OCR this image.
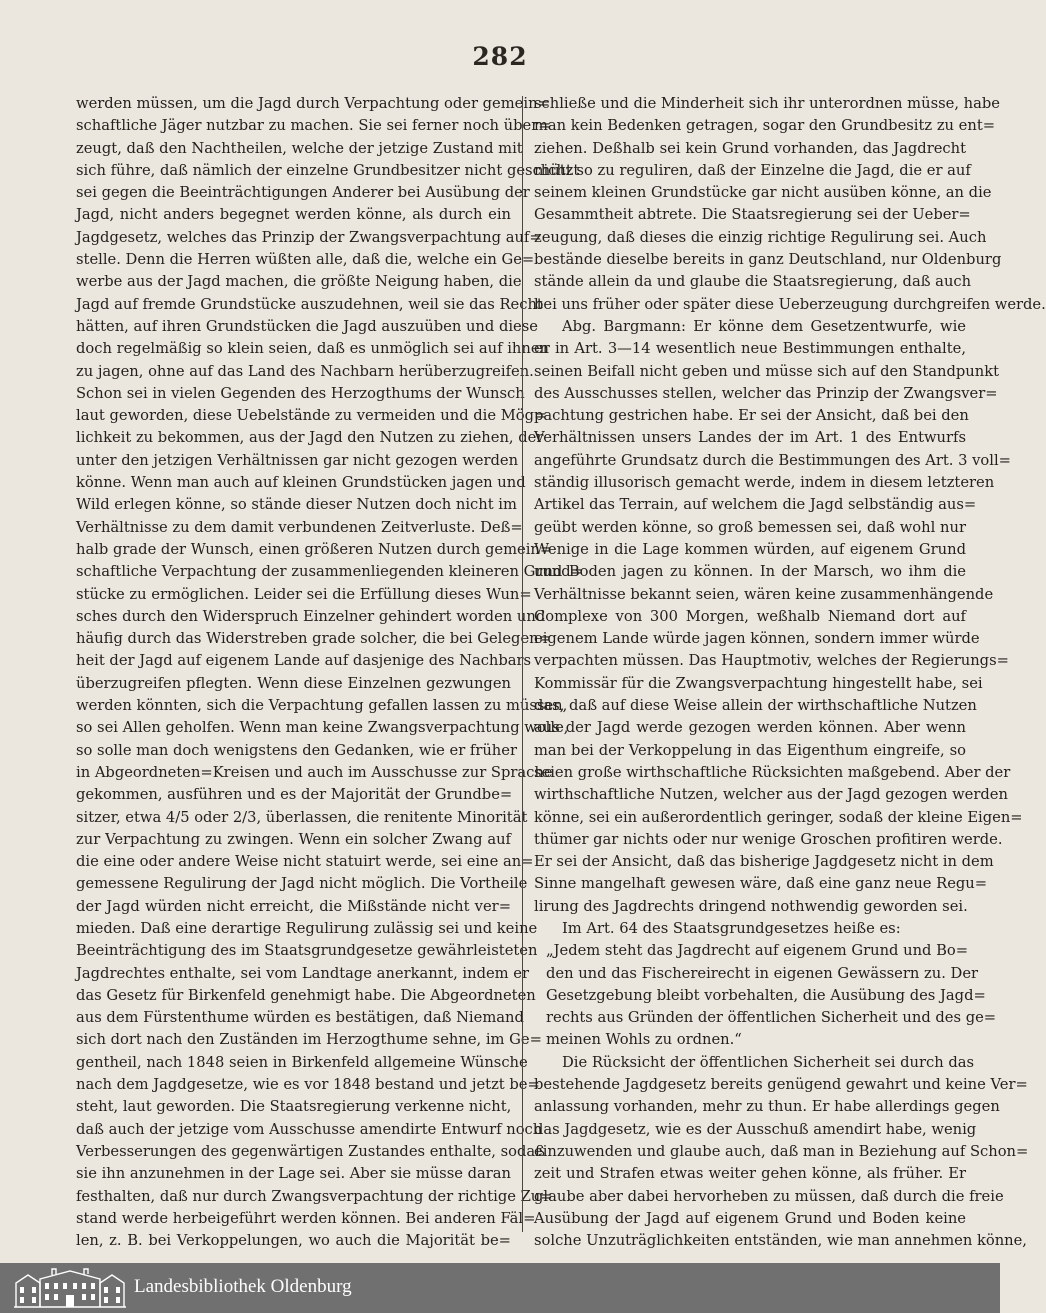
282
werden müssen, um die Jagd durch Verpachtung oder gemein=
schaftliche Jäger nutzbar zu machen. Sie sei ferner noch über=
zeugt, daß den Nachtheilen, welche der jetzige Zustand mit
sich führe, daß nämlich der einzelne Grundbesitzer nicht geschützt
sei gegen die Beeinträchtigungen Anderer bei Ausübung der
Jagd, nicht anders begegnet werden könne, als durch ein
Jagdgesetz, welches das Prinzip der Zwangsverpachtung auf=
stelle. Denn die Herren wüßten alle, daß die, welche ein Ge=
werbe aus der Jagd machen, die größte Neigung haben, die
Jagd auf fremde Grundstücke auszudehnen, weil sie das Recht
hätten, auf ihren Grundstücken die Jagd auszuüben und diese
doch regelmäßig so klein seien, daß es unmöglich sei auf ihnen
zu jagen, ohne auf das Land des Nachbarn herüberzugreifen.
Schon sei in vielen Gegenden des Herzogthums der Wunsch
laut geworden, diese Uebelstände zu vermeiden und die Mög=
lichkeit zu bekommen, aus der Jagd den Nutzen zu ziehen, der
unter den jetzigen Verhältnissen gar nicht gezogen werden
könne. Wenn man auch auf kleinen Grundstücken jagen und
Wild erlegen könne, so stände dieser Nutzen doch nicht im
Verhältnisse zu dem damit verbundenen Zeitverluste. Deß=
halb grade der Wunsch, einen größeren Nutzen durch gemein=
schaftliche Verpachtung der zusammenliegenden kleineren Grund=
stücke zu ermöglichen. Leider sei die Erfüllung dieses Wun=
sches durch den Widerspruch Einzelner gehindert worden und
häufig durch das Widerstreben grade solcher, die bei Gelegen=
heit der Jagd auf eigenem Lande auf dasjenige des Nachbars
überzugreifen pflegten. Wenn diese Einzelnen gezwungen
werden könnten, sich die Verpachtung gefallen lassen zu müssen,
so sei Allen geholfen. Wenn man keine Zwangsverpachtung wolle,
so solle man doch wenigstens den Gedanken, wie er früher
in Abgeordneten=Kreisen und auch im Ausschusse zur Sprache
gekommen, ausführen und es der Majorität der Grundbe=
sitzer, etwa 4/5 oder 2/3, überlassen, die renitente Minorität
zur Verpachtung zu zwingen. Wenn ein solcher Zwang auf
die eine oder andere Weise nicht statuirt werde, sei eine an=
gemessene Regulirung der Jagd nicht möglich. Die Vortheile
der Jagd würden nicht erreicht, die Mißstände nicht ver=
mieden. Daß eine derartige Regulirung zulässig sei und keine
Beeinträchtigung des im Staatsgrundgesetze gewährleisteten
Jagdrechtes enthalte, sei vom Landtage anerkannt, indem er
das Gesetz für Birkenfeld genehmigt habe. Die Abgeordneten
aus dem Fürstenthume würden es bestätigen, daß Niemand
sich dort nach den Zuständen im Herzogthume sehne, im Ge=
gentheil, nach 1848 seien in Birkenfeld allgemeine Wünsche
nach dem Jagdgesetze, wie es vor 1848 bestand und jetzt be=
steht, laut geworden. Die Staatsregierung verkenne nicht,
daß auch der jetzige vom Ausschusse amendirte Entwurf noch
Verbesserungen des gegenwärtigen Zustandes enthalte, sodaß
sie ihn anzunehmen in der Lage sei. Aber sie müsse daran
festhalten, daß nur durch Zwangsverpachtung der richtige Zu=
stand werde herbeigeführt werden können. Bei anderen Fäl=
len, z. B. bei Verkoppelungen, wo auch die Majorität be=
schließe und die Minderheit sich ihr unterordnen müsse, habe
man kein Bedenken getragen, sogar den Grundbesitz zu ent=
ziehen. Deßhalb sei kein Grund vorhanden, das Jagdrecht
nicht so zu reguliren, daß der Einzelne die Jagd, die er auf
seinem kleinen Grundstücke gar nicht ausüben könne, an die
Gesammtheit abtrete. Die Staatsregierung sei der Ueber=
zeugung, daß dieses die einzig richtige Regulirung sei. Auch
beständе dieselbe bereits in ganz Deutschland, nur Oldenburg
stände allein da und glaube die Staatsregierung, daß auch
bei uns früher oder später diese Ueberzeugung durchgreifen werde.
Abg. Bargmann: Er könne dem Gesetzentwurfe, wie
er in Art. 3—14 wesentlich neue Bestimmungen enthalte,
seinen Beifall nicht geben und müsse sich auf den Standpunkt
des Ausschusses stellen, welcher das Prinzip der Zwangsver=
pachtung gestrichen habe. Er sei der Ansicht, daß bei den
Verhältnissen unsers Landes der im Art. 1 des Entwurfs
angeführte Grundsatz durch die Bestimmungen des Art. 3 voll=
ständig illusorisch gemacht werde, indem in diesem letzteren
Artikel das Terrain, auf welchem die Jagd selbständig aus=
geübt werden könne, so groß bemessen sei, daß wohl nur
Wenige in die Lage kommen würden, auf eigenem Grund
und Boden jagen zu können. In der Marsch, wo ihm die
Verhältnisse bekannt seien, wären keine zusammenhängende
Complexe von 300 Morgen, weßhalb Niemand dort auf
eigenem Lande würde jagen können, sondern immer würde
verpachten müssen. Das Hauptmotiv, welches der Regierungs=
Kommissär für die Zwangsverpachtung hingestellt habe, sei
das, daß auf diese Weise allein der wirthschaftliche Nutzen
aus der Jagd werde gezogen werden können. Aber wenn
man bei der Verkoppelung in das Eigenthum eingreife, so
seien große wirthschaftliche Rücksichten maßgebend. Aber der
wirthschaftliche Nutzen, welcher aus der Jagd gezogen werden
könne, sei ein außerordentlich geringer, sodaß der kleine Eigen=
thümer gar nichts oder nur wenige Groschen profitiren werde.
Er sei der Ansicht, daß das bisherige Jagdgesetz nicht in dem
Sinne mangelhaft gewesen wäre, daß eine ganz neue Regu=
lirung des Jagdrechts dringend nothwendig geworden sei.
Im Art. 64 des Staatsgrundgesetzes heiße es:
„Jedem steht das Jagdrecht auf eigenem Grund und Bo=
den und das Fischereirecht in eigenen Gewässern zu. Der
Gesetzgebung bleibt vorbehalten, die Ausübung des Jagd=
rechts aus Gründen der öffentlichen Sicherheit und des ge=
meinen Wohls zu ordnen.“
Die Rücksicht der öffentlichen Sicherheit sei durch das
bestehende Jagdgesetz bereits genügend gewahrt und keine Ver=
anlassung vorhanden, mehr zu thun. Er habe allerdings gegen
das Jagdgesetz, wie es der Ausschuß amendirt habe, wenig
einzuwenden und glaube auch, daß man in Beziehung auf Schon=
zeit und Strafen etwas weiter gehen könne, als früher. Er
glaube aber dabei hervorheben zu müssen, daß durch die freie
Ausübung der Jagd auf eigenem Grund und Boden keine
solche Unzuträglichkeiten entständen, wie man annehmen könne,
Landesbibliothek Oldenburg
